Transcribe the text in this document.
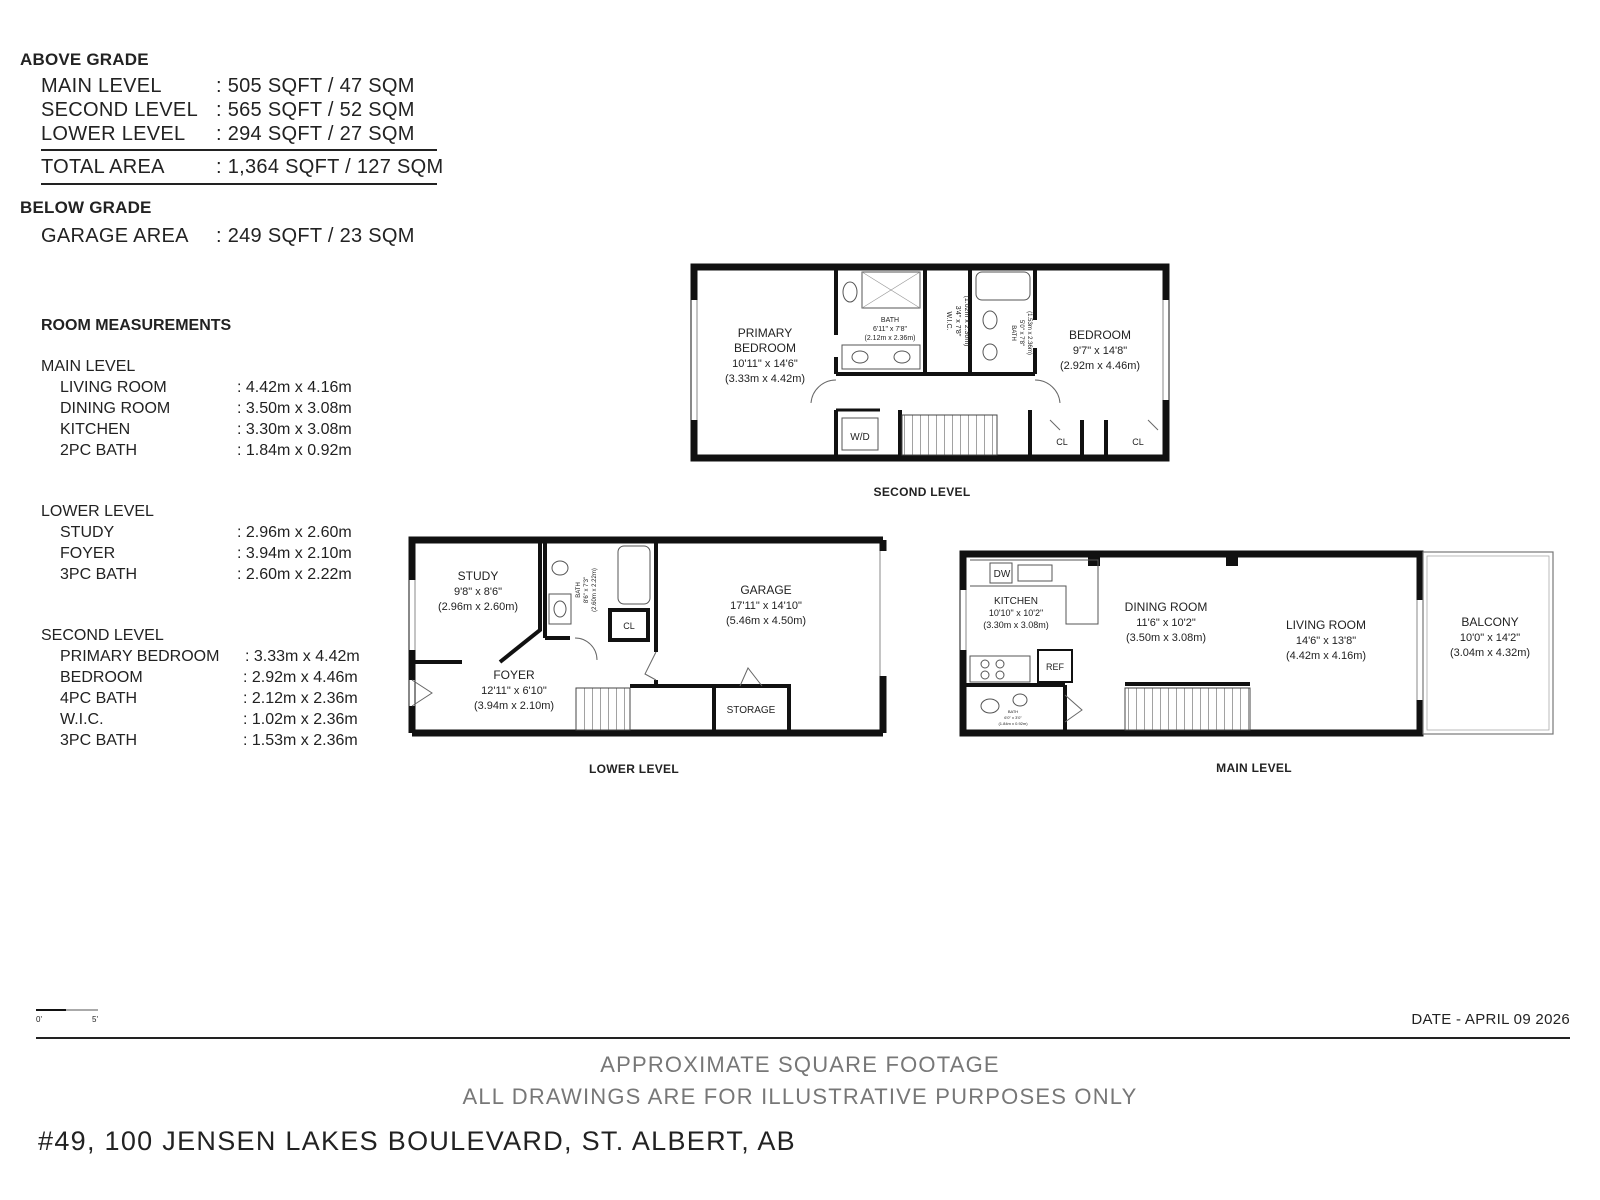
ABOVE GRADE
MAIN LEVEL	: 505 SQFT / 47 SQM
SECOND LEVEL : 565 SQFT / 52 SQM
LOWER LEVEL : 294 SQFT / 27 SQM
TOTAL AREA	: 1,364 SQFT / 127 SQM
BELOW GRADE
GARAGE AREA : 249 SQFT / 23 SQM
ROOM MEASUREMENTS
MAIN LEVEL
LIVING ROOM	: 4.42m x 4.16m
DINING ROOM	: 3.50m x 3.08m
KITCHEN	: 3.30m x 3.08m
2PC BATH	: 1.84m x 0.92m
LOWER LEVEL
STUDY	: 2.96m x 2.60m
FOYER	: 3.94m x 2.10m
3PC BATH	: 2.60m x 2.22m
SECOND LEVEL
PRIMARY BEDROOM : 3.33m x 4.42m
BEDROOM	: 2.92m x 4.46m
4PC BATH	: 2.12m x 2.36m
W.I.C.	: 1.02m x 2.36m
3PC BATH	: 1.53m x 2.36m
PRIMARY
BEDROOM
10'11" x 14'6"
(3.33m x 4.42m)
BATH
6'11" x 7'8"
(2.12m x 2.36m)
W.I.C. 3'4" x 7'8" (1.02m x 2.36m)	BATH 5'0" x 7'8" (1.53m x 2.36m)	BEDROOM
9'7" x 14'8"
(2.92m x 4.46m)
W/D	CL	CL
SECOND LEVEL
STUDY
9'8" x 8'6"
(2.96m x 2.60m)
BATH 8'6" x 7'3" (2.60m x 2.22m)
CL
GARAGE
17'11" x 14'10"
(5.46m x 4.50m)
FOYER
12'11" x 6'10"
(3.94m x 2.10m)	STORAGE
LOWER LEVEL
DW
KITCHEN
10'10" x 10'2"
(3.30m x 3.08m)
REF
BATH
6'0" x 3'0"
(1.84m x 0.92m)
DINING ROOM
11'6" x 10'2"
(3.50m x 3.08m)
LIVING ROOM
14'6" x 13'8"
(4.42m x 4.16m)
BALCONY
10'0" x 14'2"
(3.04m x 4.32m)
MAIN LEVEL
0'	5'	DATE - APRIL 09 2026
APPROXIMATE SQUARE FOOTAGE
ALL DRAWINGS ARE FOR ILLUSTRATIVE PURPOSES ONLY
#49, 100 JENSEN LAKES BOULEVARD, ST. ALBERT, AB
